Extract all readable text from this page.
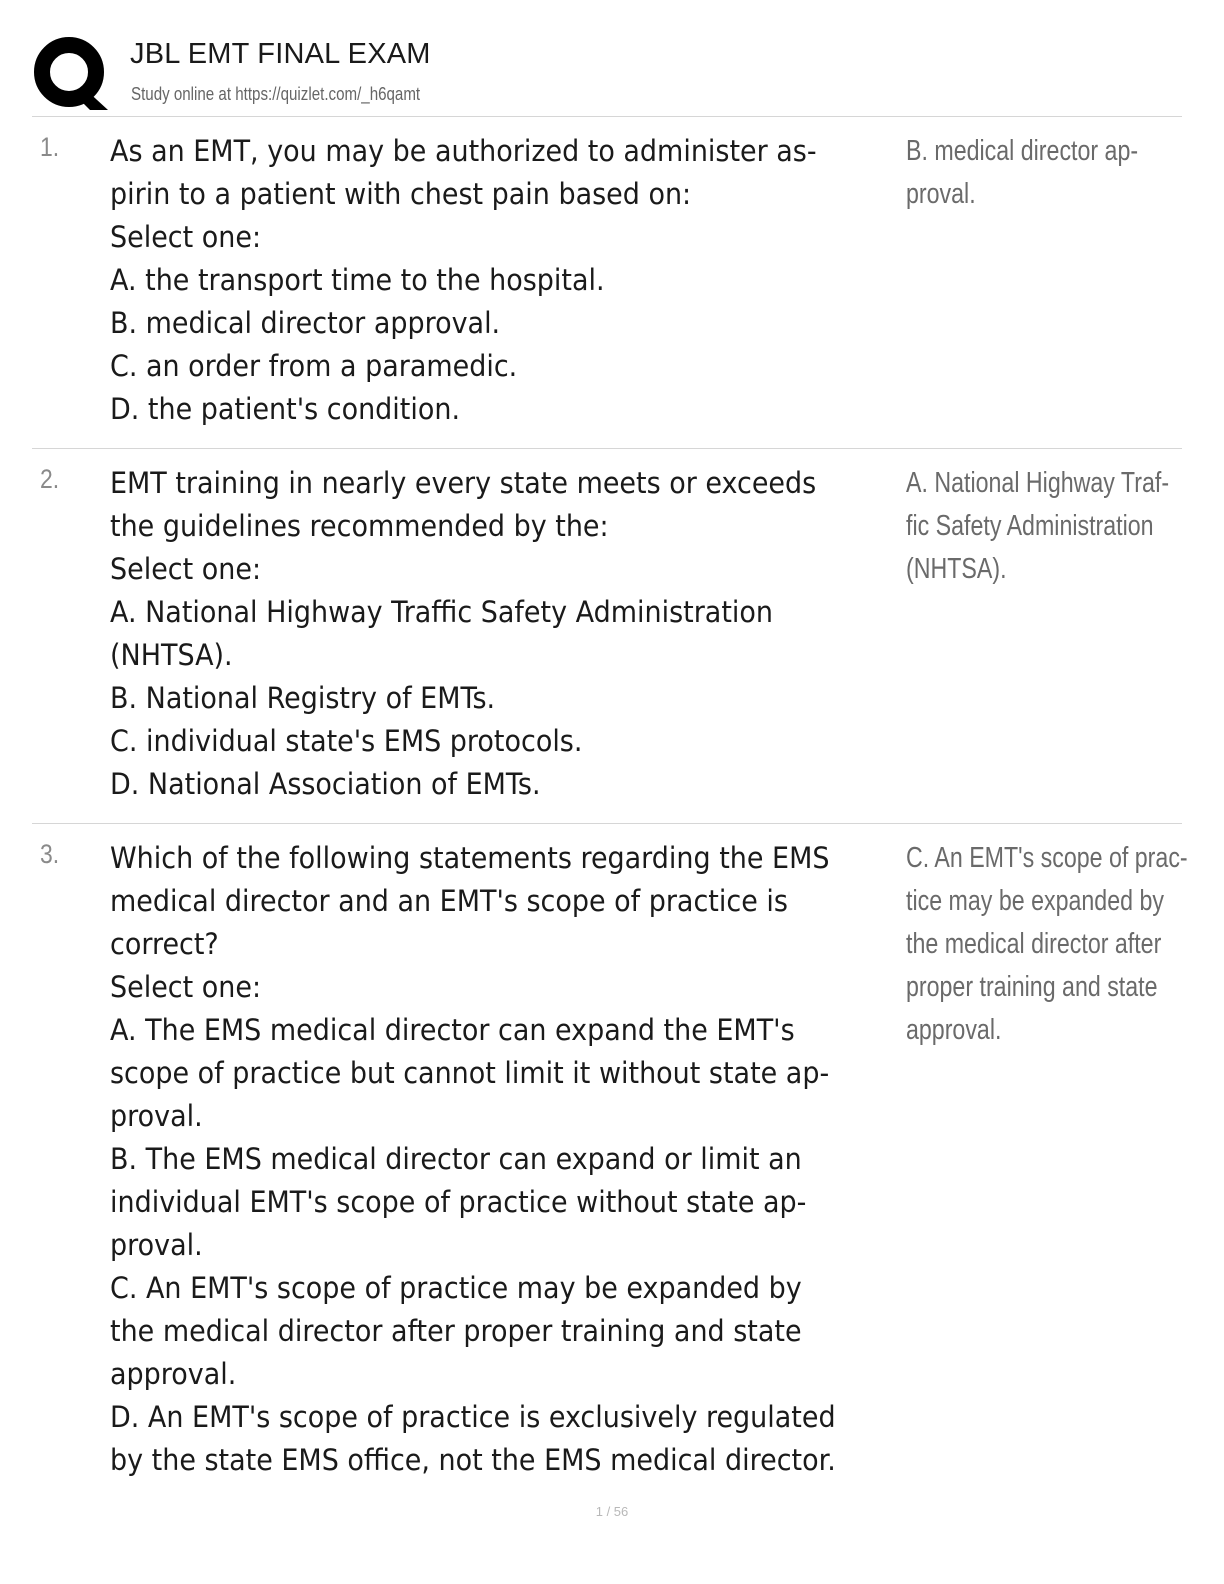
JBL EMT FINAL EXAM
Study online at https://quizlet.com/_h6qamt
1. As an EMT, you may be authorized to administer as-
pirin to a patient with chest pain based on:
Select one:
A. the transport time to the hospital.
B. medical director approval.
C. an order from a paramedic.
D. the patient's condition.
B. medical director ap-
proval.
2. EMT training in nearly every state meets or exceeds
the guidelines recommended by the:
Select one:
A. National Highway Traffic Safety Administration
(NHTSA).
B. National Registry of EMTs.
C. individual state's EMS protocols.
D. National Association of EMTs.
A. National Highway Traf-
fic Safety Administration
(NHTSA).
3. Which of the following statements regarding the EMS
medical director and an EMT's scope of practice is
correct?
Select one:
A. The EMS medical director can expand the EMT's
scope of practice but cannot limit it without state ap-
proval.
B. The EMS medical director can expand or limit an
individual EMT's scope of practice without state ap-
proval.
C. An EMT's scope of practice may be expanded by
the medical director after proper training and state
approval.
D. An EMT's scope of practice is exclusively regulated
by the state EMS office, not the EMS medical director.
C. An EMT's scope of prac-
tice may be expanded by
the medical director after
proper training and state
approval.
1 / 56
